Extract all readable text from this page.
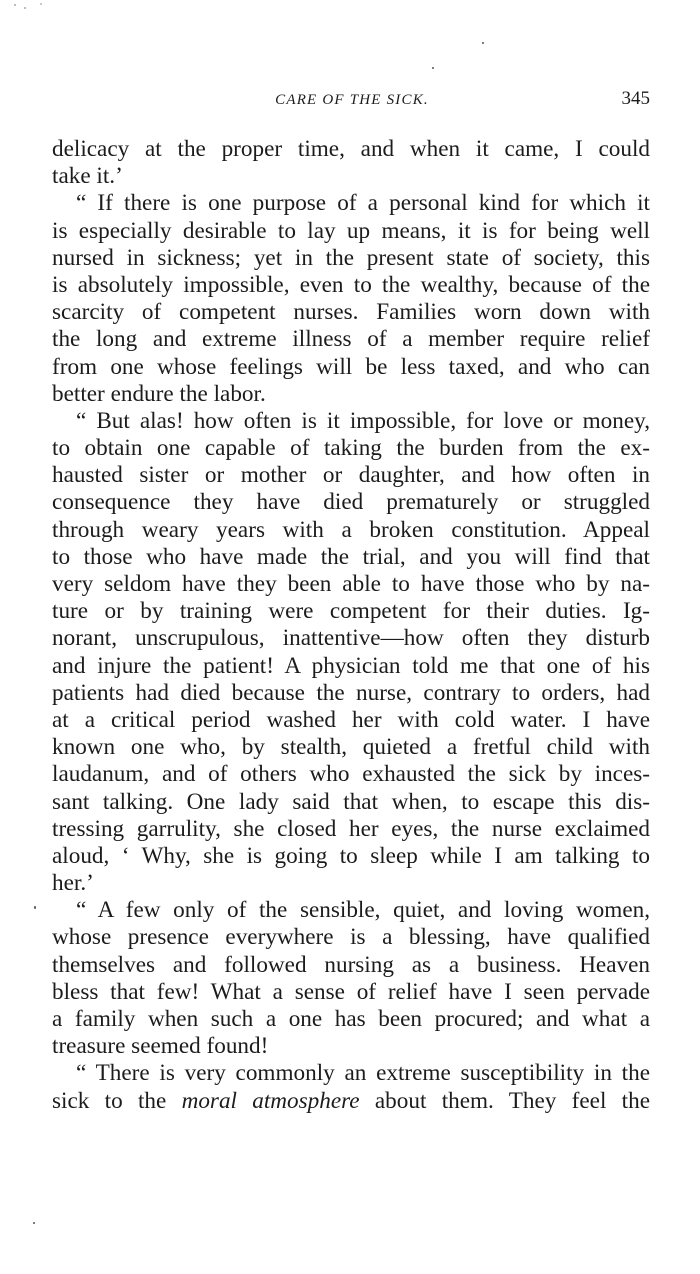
CARE OF THE SICK.	345
delicacy at the proper time, and when it came, I could
take it.’
“ If there is one purpose of a personal kind for which it
is especially desirable to lay up means, it is for being well
nursed in sickness; yet in the present state of society, this
is absolutely impossible, even to the wealthy, because of the
scarcity of competent nurses. Families worn down with
the long and extreme illness of a member require relief
from one whose feelings will be less taxed, and who can
better endure the labor.
“ But alas! how often is it impossible, for love or money,
to obtain one capable of taking the burden from the ex-
hausted sister or mother or daughter, and how often in
consequence they have died prematurely or struggled
through weary years with a broken constitution. Appeal
to those who have made the trial, and you will find that
very seldom have they been able to have those who by na-
ture or by training were competent for their duties. Ig-
norant, unscrupulous, inattentive—how often they disturb
and injure the patient! A physician told me that one of his
patients had died because the nurse, contrary to orders, had
at a critical period washed her with cold water. I have
known one who, by stealth, quieted a fretful child with
laudanum, and of others who exhausted the sick by inces-
sant talking. One lady said that when, to escape this dis-
tressing garrulity, she closed her eyes, the nurse exclaimed
aloud, ‘ Why, she is going to sleep while I am talking to
her.’
“ A few only of the sensible, quiet, and loving women,
whose presence everywhere is a blessing, have qualified
themselves and followed nursing as a business. Heaven
bless that few! What a sense of relief have I seen pervade
a family when such a one has been procured; and what a
treasure seemed found!
“ There is very commonly an extreme susceptibility in the
sick to the moral atmosphere about them. They feel the
